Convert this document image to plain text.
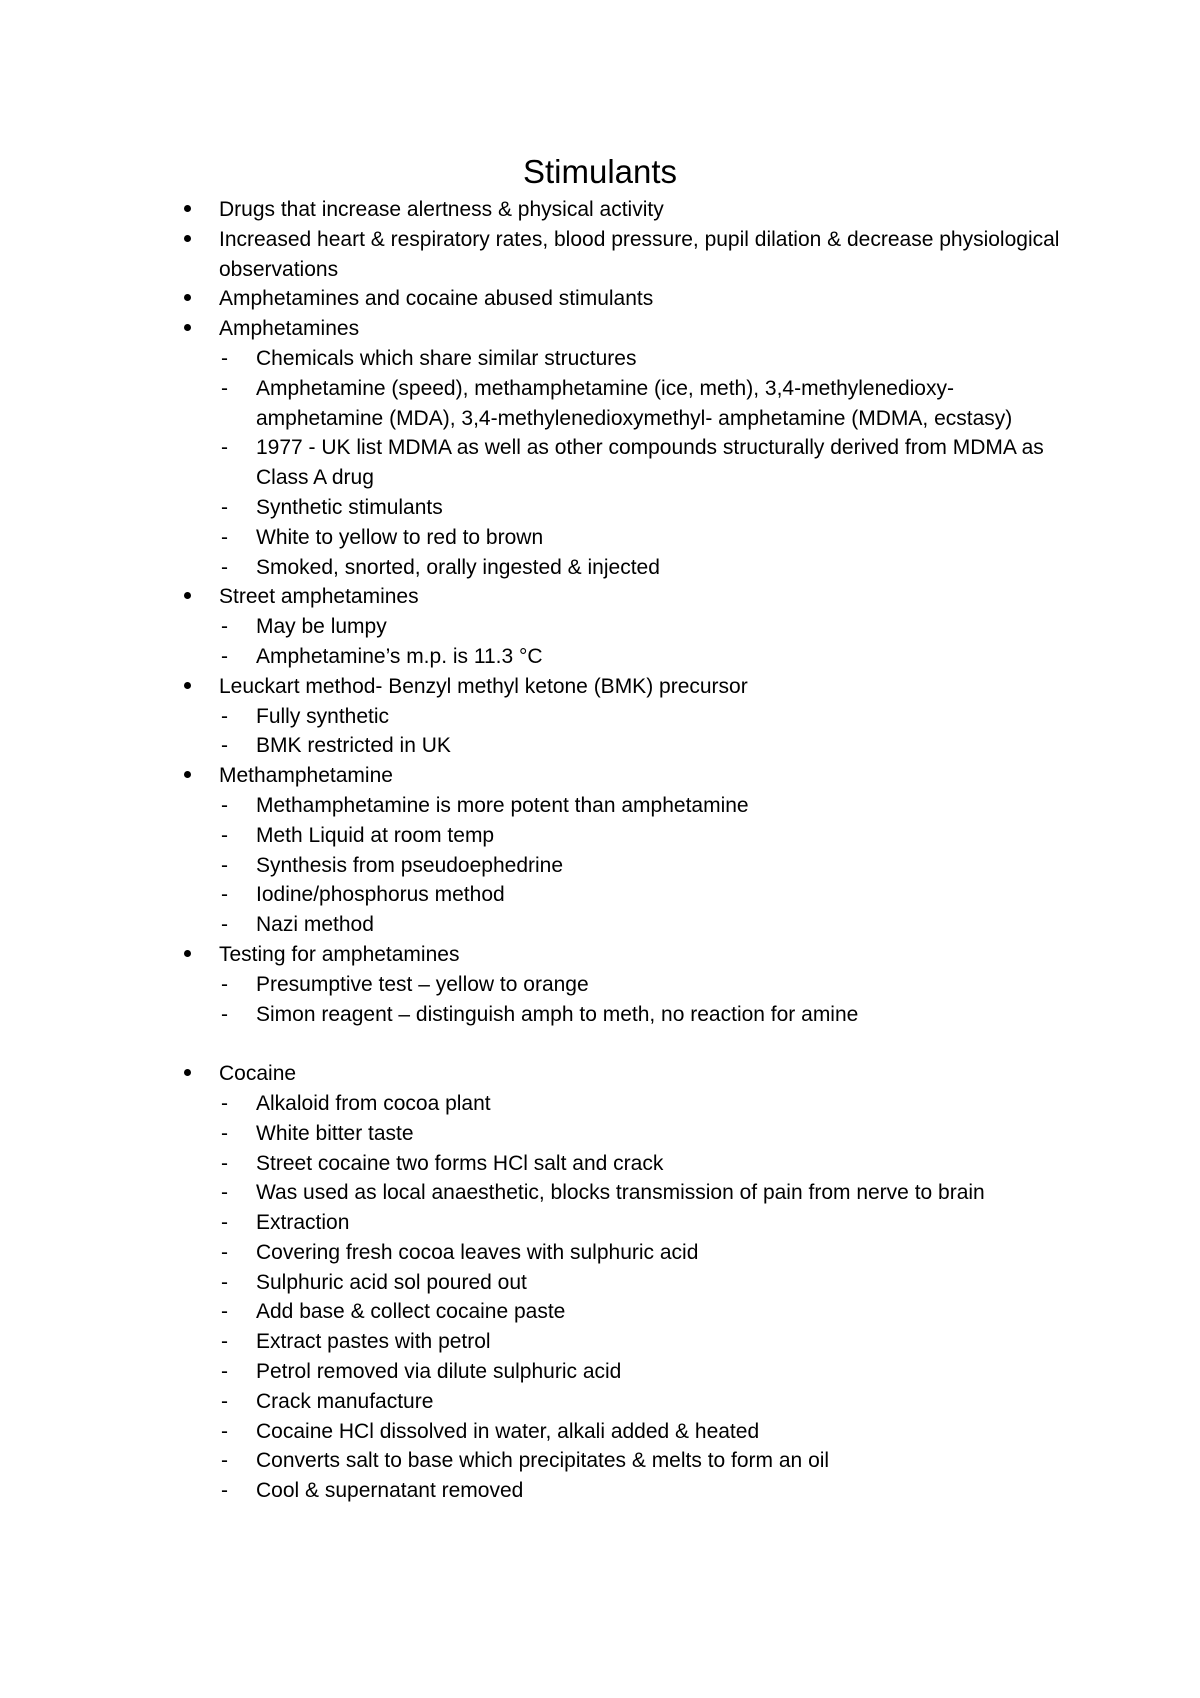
Stimulants
Drugs that increase alertness & physical activity
Increased heart & respiratory rates, blood pressure, pupil dilation & decrease physiological observations
Amphetamines and cocaine abused stimulants
Amphetamines
- Chemicals which share similar structures
- Amphetamine (speed), methamphetamine (ice, meth), 3,4-methylenedioxy-amphetamine (MDA), 3,4-methylenedioxymethyl- amphetamine (MDMA, ecstasy)
- 1977 - UK list MDMA as well as other compounds structurally derived from MDMA as Class A drug
- Synthetic stimulants
- White to yellow to red to brown
- Smoked, snorted, orally ingested & injected
Street amphetamines
- May be lumpy
- Amphetamine’s m.p. is 11.3 °C
Leuckart method- Benzyl methyl ketone (BMK) precursor
- Fully synthetic
- BMK restricted in UK
Methamphetamine
- Methamphetamine is more potent than amphetamine
- Meth Liquid at room temp
- Synthesis from pseudoephedrine
- Iodine/phosphorus method
- Nazi method
Testing for amphetamines
- Presumptive test – yellow to orange
- Simon reagent – distinguish amph to meth, no reaction for amine
Cocaine
- Alkaloid from cocoa plant
- White bitter taste
- Street cocaine two forms HCl salt and crack
- Was used as local anaesthetic, blocks transmission of pain from nerve to brain
- Extraction
- Covering fresh cocoa leaves with sulphuric acid
- Sulphuric acid sol poured out
- Add base & collect cocaine paste
- Extract pastes with petrol
- Petrol removed via dilute sulphuric acid
- Crack manufacture
- Cocaine HCl dissolved in water, alkali added & heated
- Converts salt to base which precipitates & melts to form an oil
- Cool & supernatant removed
